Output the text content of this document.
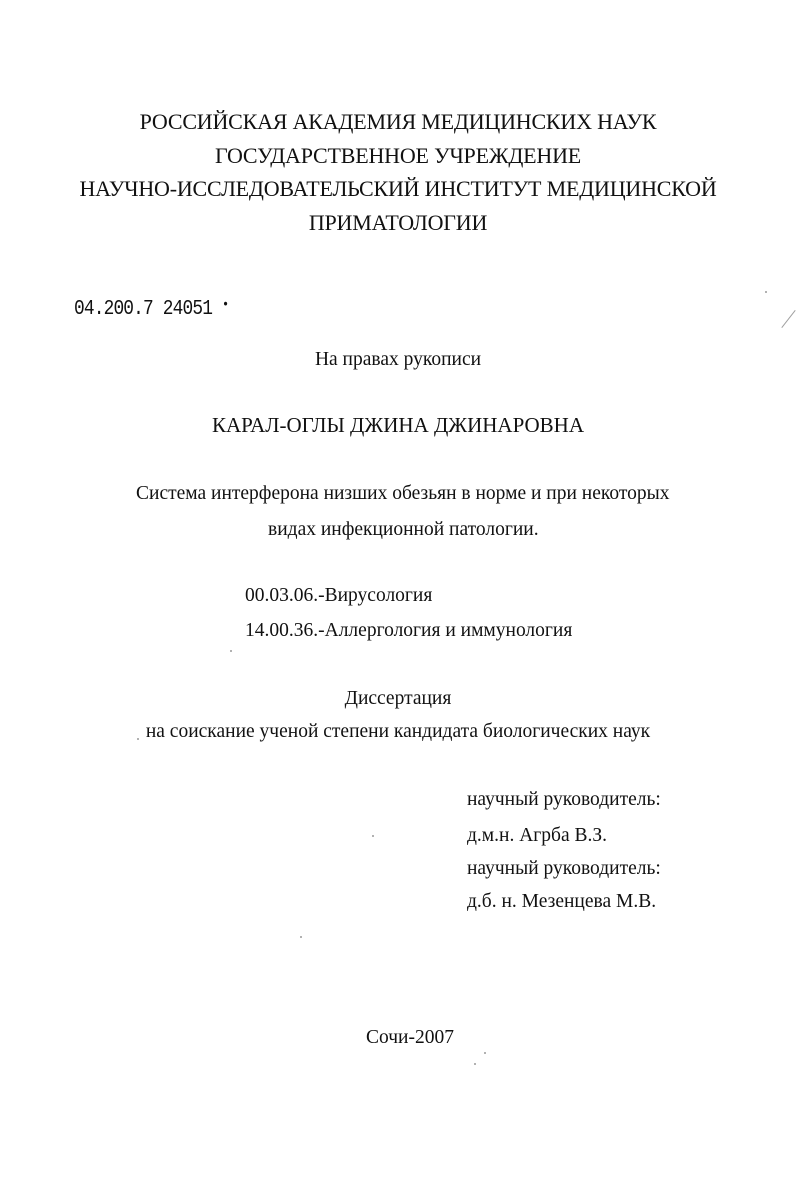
РОССИЙСКАЯ АКАДЕМИЯ МЕДИЦИНСКИХ НАУК
ГОСУДАРСТВЕННОЕ УЧРЕЖДЕНИЕ
НАУЧНО-ИССЛЕДОВАТЕЛЬСКИЙ ИНСТИТУТ МЕДИЦИНСКОЙ
ПРИМАТОЛОГИИ
04.200.7 24051 •
На правах рукописи
КАРАЛ-ОГЛЫ ДЖИНА ДЖИНАРОВНА
Система интерферона низших обезьян в норме и при некоторых
видах инфекционной патологии.
00.03.06.-Вирусология
14.00.36.-Аллергология и иммунология
Диссертация
на соискание ученой степени кандидата биологических наук
научный руководитель:
д.м.н. Агрба В.З.
научный руководитель:
д.б. н. Мезенцева М.В.
Сочи-2007
